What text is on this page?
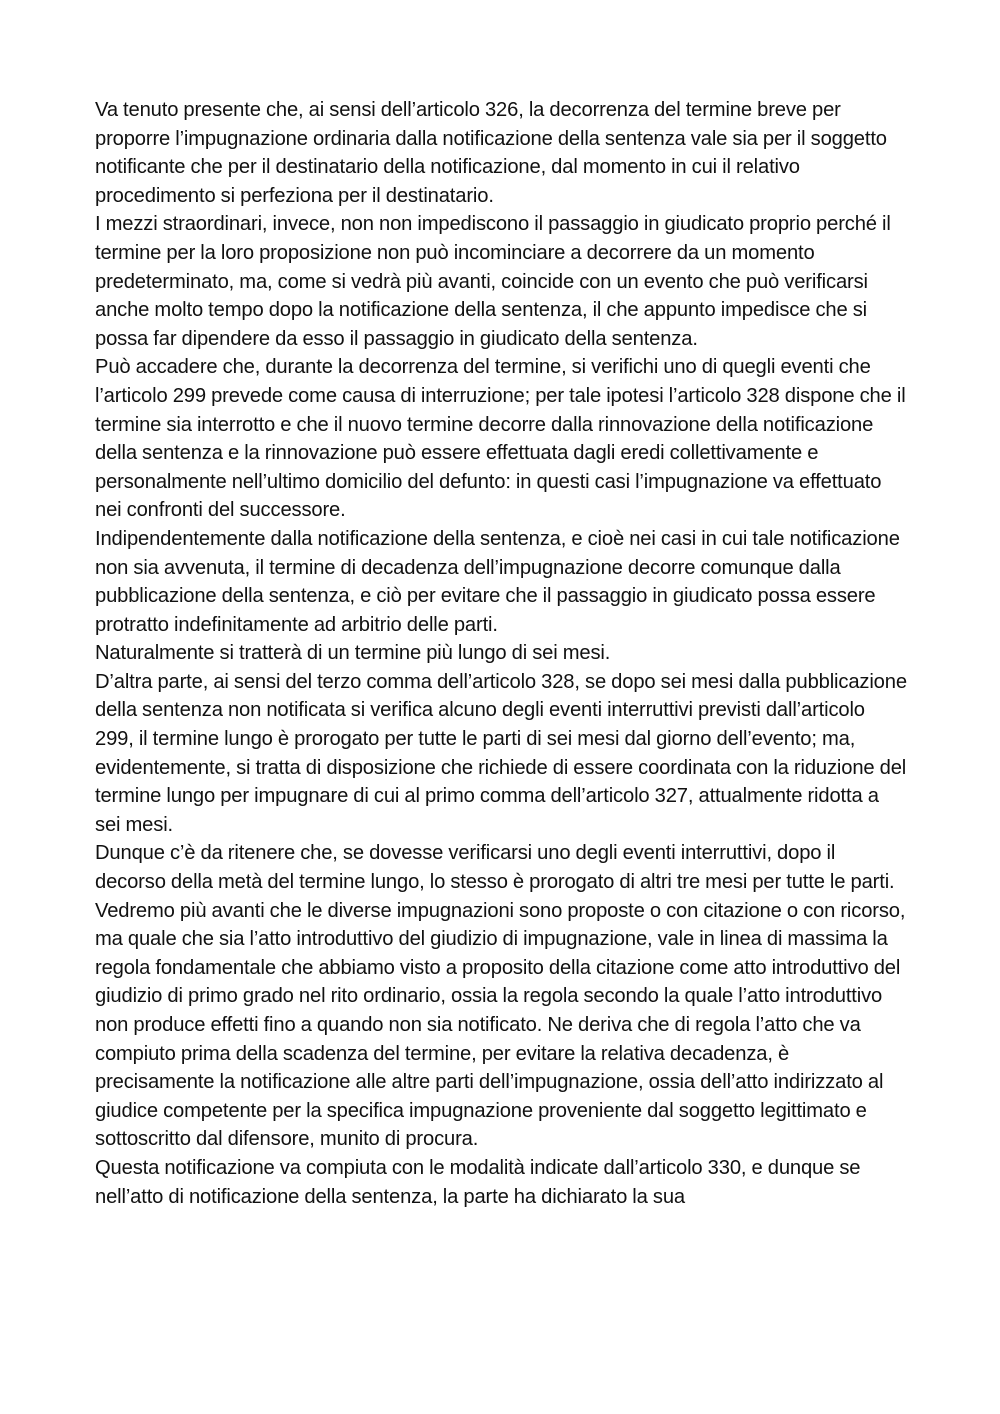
Va tenuto presente che, ai sensi dell’articolo 326, la decorrenza del termine breve per proporre l’impugnazione ordinaria dalla notificazione della sentenza vale sia per il soggetto notificante che per il destinatario della notificazione, dal momento in cui il relativo procedimento si perfeziona per il destinatario.

I mezzi straordinari, invece, non non impediscono il passaggio in giudicato proprio perché il termine per la loro proposizione non può incominciare a decorrere da un momento predeterminato, ma, come si vedrà più avanti, coincide con un evento che può verificarsi anche molto tempo dopo la notificazione della sentenza, il che appunto impedisce che si possa far dipendere da esso il passaggio in giudicato della sentenza.

Può accadere che, durante la decorrenza del termine, si verifichi uno di quegli eventi che l’articolo 299 prevede come causa di interruzione; per tale ipotesi l’articolo 328 dispone che il termine sia interrotto e che il nuovo termine decorre dalla rinnovazione della notificazione della sentenza e la rinnovazione può essere effettuata dagli eredi collettivamente e personalmente nell’ultimo domicilio del defunto: in questi casi l’impugnazione va effettuato nei confronti del successore.

Indipendentemente dalla notificazione della sentenza, e cioè nei casi in cui tale notificazione non sia avvenuta, il termine di decadenza dell’impugnazione decorre comunque dalla pubblicazione della sentenza, e ciò per evitare che il passaggio in giudicato possa essere protratto indefinitamente ad arbitrio delle parti.

Naturalmente si tratterà di un termine più lungo di sei mesi.

D’altra parte, ai sensi del terzo comma dell’articolo 328, se dopo sei mesi dalla pubblicazione della sentenza non notificata si verifica alcuno degli eventi interruttivi previsti dall’articolo 299, il termine lungo è prorogato per tutte le parti di sei mesi dal giorno dell’evento; ma, evidentemente, si tratta di disposizione che richiede di essere coordinata con la riduzione del termine lungo per impugnare di cui al primo comma dell’articolo 327, attualmente ridotta a sei mesi.

Dunque c’è da ritenere che, se dovesse verificarsi uno degli eventi interruttivi, dopo il decorso della metà del termine lungo, lo stesso è prorogato di altri tre mesi per tutte le parti.

Vedremo più avanti che le diverse impugnazioni sono proposte o con citazione o con ricorso, ma quale che sia l’atto introduttivo del giudizio di impugnazione, vale in linea di massima la regola fondamentale che abbiamo visto a proposito della citazione come atto introduttivo del giudizio di primo grado nel rito ordinario, ossia la regola secondo la quale l’atto introduttivo non produce effetti fino a quando non sia notificato. Ne deriva che di regola l’atto che va compiuto prima della scadenza del termine, per evitare la relativa decadenza, è precisamente la notificazione alle altre parti dell’impugnazione, ossia dell’atto indirizzato al giudice competente per la specifica impugnazione proveniente dal soggetto legittimato e sottoscritto dal difensore, munito di procura.

Questa notificazione va compiuta con le modalità indicate dall’articolo 330, e dunque se nell’atto di notificazione della sentenza, la parte ha dichiarato la sua
